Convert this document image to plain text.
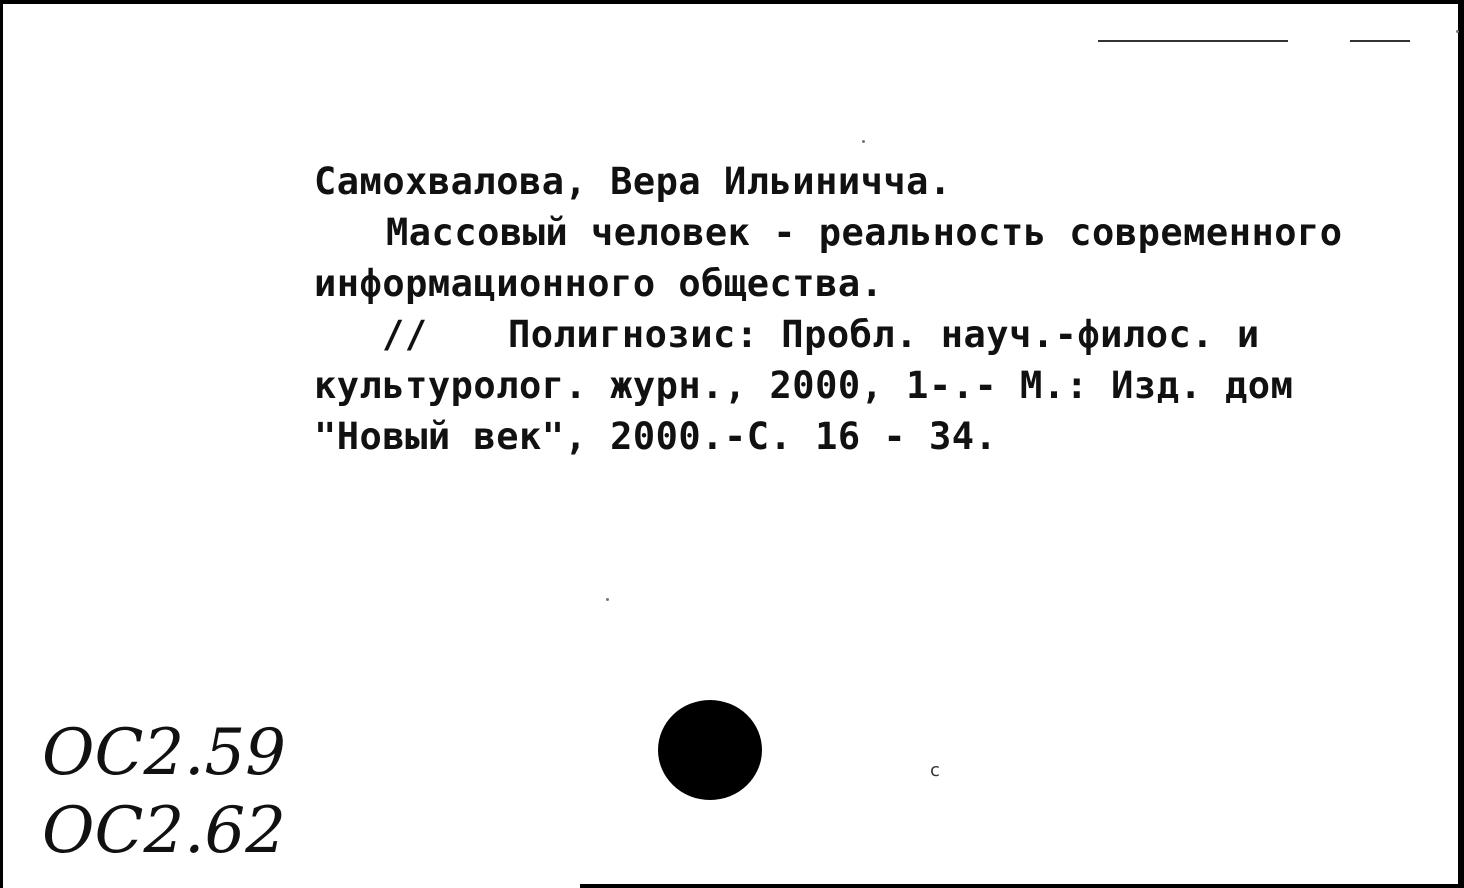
Самохвалова, Вера Ильиничча.
Массовый человек - реальность современного
информационного общества.
// Полигнозис: Пробл. науч.-филос. и
культуролог. журн., 2000, 1-.- М.: Изд. дом
"Новый век", 2000.-С. 16 - 34.
ОС2.59
ОС2.62
с
